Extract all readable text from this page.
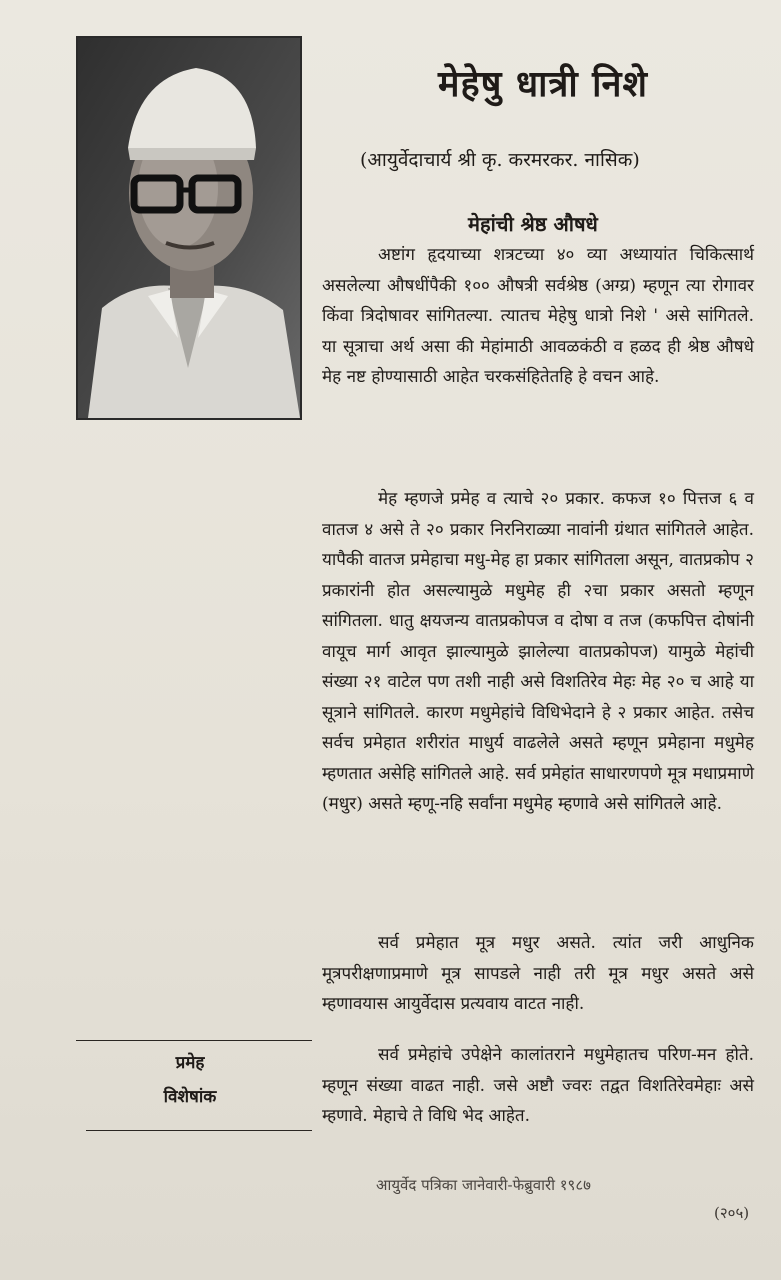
मेहेषु धात्री निशे
(आयुर्वेदाचार्य श्री कृ. करमरकर. नासिक)
मेहांची श्रेष्ठ औषधे

अष्टांग हृदयाच्या शत्रटच्या ४० व्या अध्यायांत चिकित्सार्थ असलेल्या औषधींपैकी १०० औषत्री सर्वश्रेष्ठ (अग्य्र) म्हणून त्या रोगावर किंवा त्रिदोषावर सांगितल्या. त्यातच मेहेषु धात्रो निशे ' असे सांगितले. या सूत्राचा अर्थ असा की मेहांमाठी आवळकंठी व हळद ही श्रेष्ठ औषधे मेह नष्ट होण्यासाठी आहेत चरकसंहितेतहि हे वचन आहे.

मेह म्हणजे प्रमेह व त्याचे २० प्रकार. कफज १० पित्तज ६ व वातज ४ असे ते २० प्रकार निरनिराळ्या नावांनी ग्रंथात सांगितले आहेत. यापैकी वातज प्रमेहाचा मधु-मेह हा प्रकार सांगितला असून, वातप्रकोप २ प्रकारांनी होत असल्यामुळे मधुमेह ही २चा प्रकार असतो म्हणून सांगितला. धातु क्षयजन्य वातप्रकोपज व दोषा व तज (कफपित्त दोषांनी वायूच मार्ग आवृत झाल्यामुळे झालेल्या वातप्रकोपज) यामुळे मेहांची संख्या २१ वाटेल पण तशी नाही असे विशतिरेव मेहः मेह २० च आहे या सूत्राने सांगितले. कारण मधुमेहांचे विधिभेदाने हे २ प्रकार आहेत. तसेच सर्वच प्रमेहात शरीरांत माधुर्य वाढलेले असते म्हणून प्रमेहाना मधुमेह म्हणतात असेहि सांगितले आहे. सर्व प्रमेहांत साधारणपणे मूत्र मधाप्रमाणे (मधुर) असते म्हणू-नहि सर्वांना मधुमेह म्हणावे असे सांगितले आहे.

सर्व प्रमेहात मूत्र मधुर असते. त्यांत जरी आधुनिक मूत्रपरीक्षणाप्रमाणे मूत्र सापडले नाही तरी मूत्र मधुर असते असे म्हणावयास आयुर्वेदास प्रत्यवाय वाटत नाही.

सर्व प्रमेहांचे उपेक्षेने कालांतराने मधुमेहातच परिण-मन होते. म्हणून संख्या वाढत नाही. जसे अष्टौ ज्वरः तद्वत विशतिरेवमेहाः असे म्हणावे. मेहाचे ते विधि भेद आहेत.

प्रमेह
विशेषांक
आयुर्वेद पत्रिका जानेवारी-फेब्रुवारी १९८७
(२०५)
